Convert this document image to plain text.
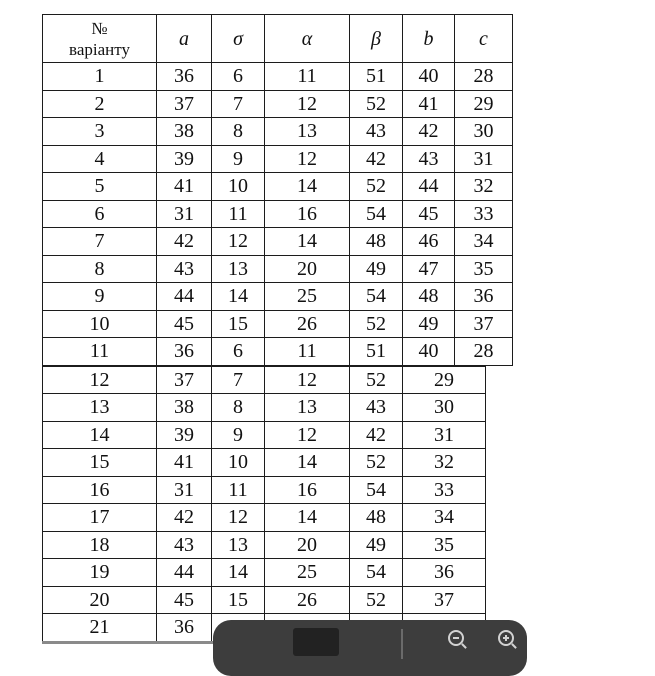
№
варіанту	a	σ	α	β	b	c
1	36	6	11	51	40	28
2	37	7	12	52	41	29
3	38	8	13	43	42	30
4	39	9	12	42	43	31
5	41	10	14	52	44	32
6	31	11	16	54	45	33
7	42	12	14	48	46	34
8	43	13	20	49	47	35
9	44	14	25	54	48	36
10	45	15	26	52	49	37
11	36	6	11	51	40	28
12	37	7	12	52	29
13	38	8	13	43	30
14	39	9	12	42	31
15	41	10	14	52	32
16	31	11	16	54	33
17	42	12	14	48	34
18	43	13	20	49	35
19	44	14	25	54	36
20	45	15	26	52	37
21	36				
